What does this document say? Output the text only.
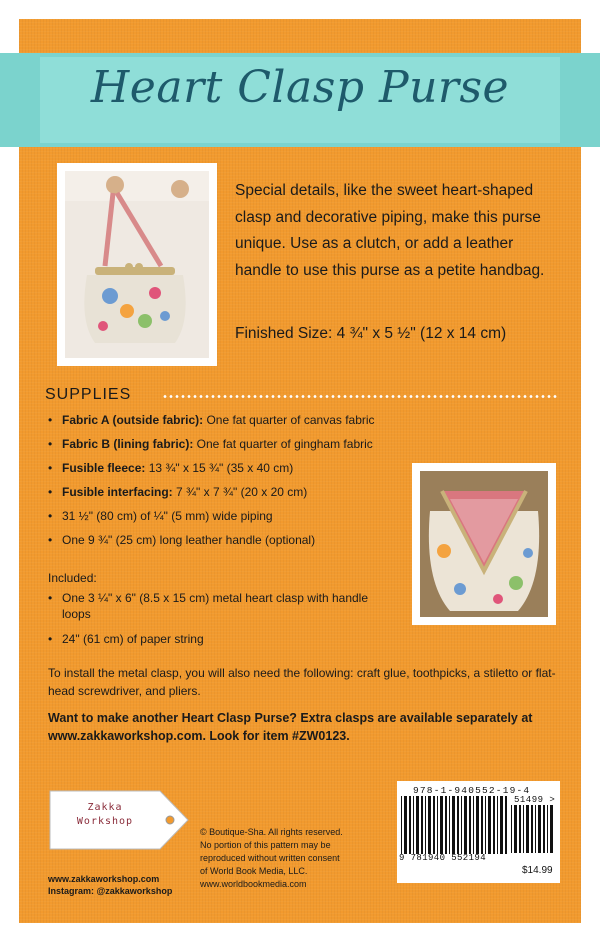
Heart Clasp Purse
Special details, like the sweet heart-shaped clasp and decorative piping, make this purse unique. Use as a clutch, or add a leather handle to use this purse as a petite handbag.
Finished Size: 4 ¾" x 5 ½" (12 x 14 cm)
SUPPLIES
• Fabric A (outside fabric): One fat quarter of canvas fabric
• Fabric B (lining fabric): One fat quarter of gingham fabric
• Fusible fleece: 13 ¾" x 15 ¾" (35 x 40 cm)
• Fusible interfacing: 7 ¾" x 7 ¾" (20 x 20 cm)
• 31 ½" (80 cm) of ¼" (5 mm) wide piping
• One 9 ¾" (25 cm) long leather handle (optional)
Included:
• One 3 ¼" x 6" (8.5 x 15 cm) metal heart clasp with handle loops
• 24" (61 cm) of paper string
To install the metal clasp, you will also need the following: craft glue, toothpicks, a stiletto or flat-head screwdriver, and pliers.
Want to make another Heart Clasp Purse? Extra clasps are available separately at www.zakkaworkshop.com. Look for item #ZW0123.
Zakka
Workshop
www.zakkaworkshop.com
Instagram: @zakkaworkshop
© Boutique-Sha. All rights reserved.
No portion of this pattern may be
reproduced without written consent
of World Book Media, LLC.
www.worldbookmedia.com
978-1-940552-19-4
51499 >
9 781940 552194
$14.99
